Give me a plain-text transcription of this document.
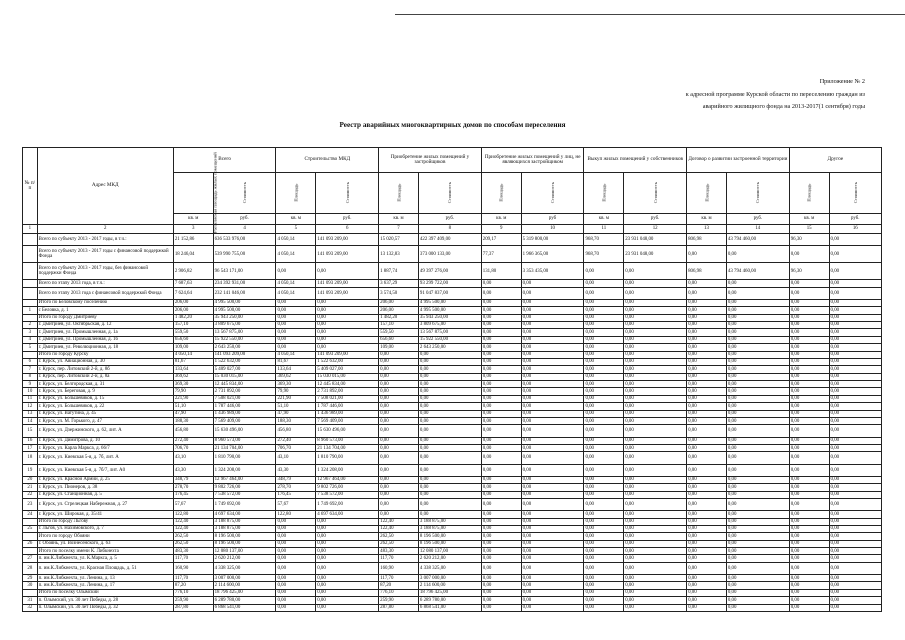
Приложение № 2
к адресной программе Курской области по переселению граждан из
аварийного жилищного фонда на 2013-2017(1 сентября) годы
Реестр аварийных многоквартирных домов по способам переселения
№ п/п	Адрес МКД	Всего		Строительство МКД		Приобретение жилых помещений у застройщиков		Приобретение жилых помещений у лиц, не являющихся застройщиком		Выкуп жилых помещений у собственников		Договор о развитии застроенной территории		Другое	
		Расселяемая площадь жилых помещений	Стоимость	Площадь	Стоимость	Площадь	Стоимость	Площадь	Стоимость	Площадь	Стоимость	Площадь	Стоимость	Площадь	Стоимость
		кв. м	руб.	кв. м	руб.	кв. м	руб.	кв. м	руб	кв. м	руб.	кв. м	руб.	кв. м	руб.
1	2	3	4	5	6	7	8	9	10	11	12	13	14	15	16
	Всего по субъекту 2013 - 2017 годы, в т.ч.:	21 152,86	636 533 976,00	4 050,14	141 093 209,00	15 020,57	422 397 409,00	209,17	5 319 800,00	968,70	23 931 048,00	806,98	43 794 460,00	96,30	0,00
	Всего по субъекту 2013 - 2017 годы с финансовой поддержкой Фонда	18 246,04	539 990 755,00	4 050,14	141 093 209,00	13 132,83	373 000 133,00	77,37	1 966 365,00	968,70	23 931 048,00	0,00	0,00	0,00	0,00
	Всего по субъекту 2013 - 2017 годы, без финансовой поддержки Фонда	2 906,82	96 543 171,00	0,00	0,00	1 887,74	49 397 276,00	131,80	3 353 435,00	0,00	0,00	806,98	43 794 460,00	96,30	0,00
	Всего по этапу 2013 года, в т.ч.:	7 687,63	234 392 931,00	4 050,14	141 093 209,00	3 637,29	93 299 722,00	0,00	0,00	0,00	0,00	0,00	0,00	0,00	0,00
	Всего по этапу 2013 года с финансовой поддержкой Фонда	7 624,64	232 141 046,00	4 050,14	141 093 209,00	3 574,50	91 047 837,00	0,00	0,00	0,00	0,00	0,00	0,00	0,00	0,00
	Итого по Беловскому поселению	206,00	4 995 500,00	0,00	0,00	206,00	4 995 500,00	0,00	0,00	0,00	0,00	0,00	0,00	0,00	0,00
1	с Беловка, д. 1	206,00	4 995 500,00	0,00	0,00	206,00	4 995 500,00	0,00	0,00	0,00	0,00	0,00	0,00	0,00	0,00
	Итого по городу Дмитриеву	1 482,20	35 943 250,00	0,00	0,00	1 482,20	35 943 250,00	0,00	0,00	0,00	0,00	0,00	0,00	0,00	0,00
2	г. Дмитриев, ул. Октябрьская, д. 12	157,10	3 809 675,00	0,00	0,00	157,10	3 809 675,00	0,00	0,00	0,00	0,00	0,00	0,00	0,00	0,00
3	г. Дмитриев, ул. Промышленная, д. 1а	559,50	13 567 875,00	0,00	0,00	559,50	13 567 875,00	0,00	0,00	0,00	0,00	0,00	0,00	0,00	0,00
4	г. Дмитриев, ул. Промышленная, д. 1б	656,60	15 922 550,00	0,00	0,00	656,60	15 922 550,00	0,00	0,00	0,00	0,00	0,00	0,00	0,00	0,00
5	г. Дмитриев, ул. Революционная, д. 18	109,00	2 643 250,00	0,00	0,00	109,00	2 643 250,00	0,00	0,00	0,00	0,00	0,00	0,00	0,00	0,00
	Итого по городу Курску	4 050,14	141 093 209,00	4 050,14	141 093 209,00	0,00	0,00	0,00	0,00	0,00	0,00	0,00	0,00	0,00	0,00
6	г. Курск, ул. Авиационная, д. 30	81,67	1 522 632,00	81,67	1 522 632,00	0,00	0,00	0,00	0,00	0,00	0,00	0,00	0,00	0,00	0,00
7	г. Курск, пер. Литовский 2-й, д. 8б	133,64	5 409 027,00	133,64	5 409 027,00	0,00	0,00	0,00	0,00	0,00	0,00	0,00	0,00	0,00	0,00
8	г. Курск, пер. Литовский 2-й, д. 8а	369,62	15 030 015,00	369,62	15 030 015,00	0,00	0,00	0,00	0,00	0,00	0,00	0,00	0,00	0,00	0,00
9	г. Курск, ул. Белгородская, д. 31	369,30	12 445 834,00	369,30	12 445 834,00	0,00	0,00	0,00	0,00	0,00	0,00	0,00	0,00	0,00	0,00
10	г. Курск, ул. Береговая, д. 9	79,90	2 731 892,00	79,90	2 731 892,00	0,00	0,00	0,00	0,00	0,00	0,00	0,00	0,00	0,00	0,00
11	г. Курск, ул. Большевиков, д. 15	221,90	7 508 021,00	221,90	7 508 021,00	0,00	0,00	0,00	0,00	0,00	0,00	0,00	0,00	0,00	0,00
12	г. Курск, ул. Большевиков, д. 22	51,10	1 787 446,00	51,10	1 787 446,00	0,00	0,00	0,00	0,00	0,00	0,00	0,00	0,00	0,00	0,00
13	г. Курск, ул. Ватутина, д. 45	47,90	1 436 989,00	47,90	1 436 989,00	0,00	0,00	0,00	0,00	0,00	0,00	0,00	0,00	0,00	0,00
14	г. Курск, ул. М. Горького, д. 47	188,30	7 569 409,00	188,30	7 569 409,00	0,00	0,00	0,00	0,00	0,00	0,00	0,00	0,00	0,00	0,00
15	г. Курск, ул. Дзержинского, д. 62, лит. А	456,80	15 630 496,00	456,80	15 630 496,00	0,00	0,00	0,00	0,00	0,00	0,00	0,00	0,00	0,00	0,00
16	г. Курск, ул. Димитрова, д. 10	272,40	8 960 573,00	272,40	8 960 573,00	0,00	0,00	0,00	0,00	0,00	0,00	0,00	0,00	0,00	0,00
17	г. Курск, ул. Карла Маркса, д. 66/7	706,70	21 134 704,00	706,70	21 134 704,00	0,00	0,00	0,00	0,00	0,00	0,00	0,00	0,00	0,00	0,00
18	г. Курск, ул. Киевская 5-я, д. 7б, лит. А	43,10	1 810 790,00	43,10	1 810 790,00	0,00	0,00	0,00	0,00	0,00	0,00	0,00	0,00	0,00	0,00
19	г. Курск, ул. Киевская 5-я, д. 7б/7, лит. А0	43,30	1 324 208,00	43,30	1 324 208,00	0,00	0,00	0,00	0,00	0,00	0,00	0,00	0,00	0,00	0,00
20	г. Курск, ул. Красной Армии, д. 25	348,79	12 967 464,00	348,79	12 967 464,00	0,00	0,00	0,00	0,00	0,00	0,00	0,00	0,00	0,00	0,00
21	г. Курск, ул. Пионеров, д. 38	278,70	9 802 726,00	278,70	9 802 726,00	0,00	0,00	0,00	0,00	0,00	0,00	0,00	0,00	0,00	0,00
22	г. Курск, ул. Станционная, д. 5	176,45	7 538 572,00	176,45	7 538 572,00	0,00	0,00	0,00	0,00	0,00	0,00	0,00	0,00	0,00	0,00
23	г. Курск, ул. Стрелецкая Набережная, д. 27	57,67	1 749 692,00	57,67	1 749 692,00	0,00	0,00	0,00	0,00	0,00	0,00	0,00	0,00	0,00	0,00
24	г. Курск, ул. Широкая, д. 35/41	122,80	4 697 634,00	122,80	4 697 634,00	0,00	0,00	0,00	0,00	0,00	0,00	0,00	0,00	0,00	0,00
	Итого по городу Льгову	122,40	3 188 875,00	0,00	0,00	122,40	3 188 875,00	0,00	0,00	0,00	0,00	0,00	0,00	0,00	0,00
25	г. Льгов, ул. Нахимовского, д. 7	122,40	3 188 875,00	0,00	0,00	122,40	3 188 875,00	0,00	0,00	0,00	0,00	0,00	0,00	0,00	0,00
	Итого по городу Обояни	262,50	8 196 500,00	0,00	0,00	262,50	8 196 500,00	0,00	0,00	0,00	0,00	0,00	0,00	0,00	0,00
26	г. Обоянь, ул. Вознесенского, д. 63	262,50	8 196 500,00	0,00	0,00	262,50	8 196 500,00	0,00	0,00	0,00	0,00	0,00	0,00	0,00	0,00
	Итого по поселку имени К. Либкнехта	483,30	12 080 137,00	0,00	0,00	483,30	12 080 137,00	0,00	0,00	0,00	0,00	0,00	0,00	0,00	0,00
27	п. им.К.Либкнехта, ул. К.Маркса, д. 5	117,70	2 620 212,00	0,00	0,00	117,70	2 620 212,00	0,00	0,00	0,00	0,00	0,00	0,00	0,00	0,00
28	п. им.К.Либкнехта, ул. Красная Площадь, д. 51	160,90	4 338 325,00	0,00	0,00	160,90	4 338 325,00	0,00	0,00	0,00	0,00	0,00	0,00	0,00	0,00
29	п. им.К.Либкнехта, ул. Ленина, д. 13	117,70	3 007 000,00	0,00	0,00	117,70	3 007 000,00	0,00	0,00	0,00	0,00	0,00	0,00	0,00	0,00
30	п. им.К.Либкнехта, ул. Ленина, д. 17	87,20	2 114 600,00	0,00	0,00	87,20	2 114 600,00	0,00	0,00	0,00	0,00	0,00	0,00	0,00	0,00
	Итого по поселку Олымский	776,10	18 796 425,00	0,00	0,00	776,10	18 796 425,00	0,00	0,00	0,00	0,00	0,00	0,00	0,00	0,00
31	п. Олымский, ул. 30 лет Победы, д. 28	259,90	6 289 780,00	0,00	0,00	259,90	6 289 780,00	0,00	0,00	0,00	0,00	0,00	0,00	0,00	0,00
32	п. Олымский, ул. 30 лет Победы, д. 32	287,80	6 868 541,00	0,00	0,00	287,80	6 868 541,00	0,00	0,00	0,00	0,00	0,00	0,00	0,00	0,00
